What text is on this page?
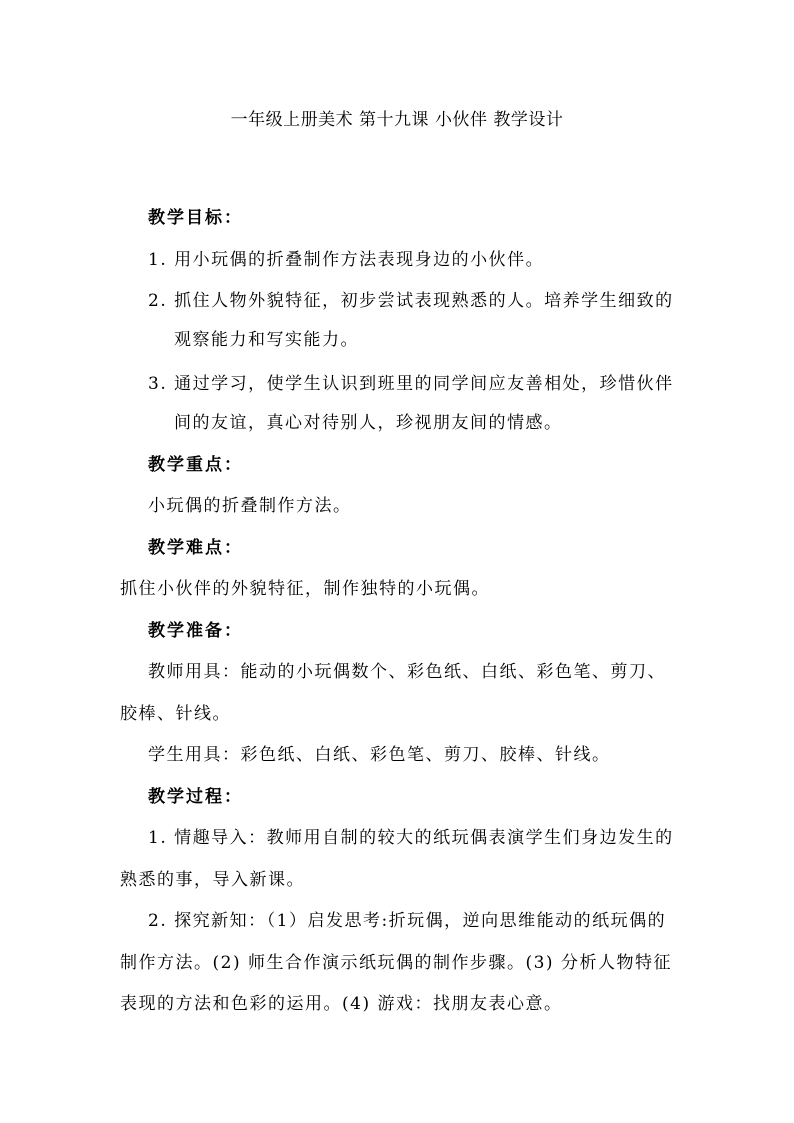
一年级上册美术 第十九课 小伙伴 教学设计
教学目标：
1. 用小玩偶的折叠制作方法表现身边的小伙伴。
2. 抓住人物外貌特征，初步尝试表现熟悉的人。培养学生细致的
观察能力和写实能力。
3. 通过学习，使学生认识到班里的同学间应友善相处，珍惜伙伴
间的友谊，真心对待别人，珍视朋友间的情感。
教学重点：
小玩偶的折叠制作方法。
教学难点：
抓住小伙伴的外貌特征，制作独特的小玩偶。
教学准备：
教师用具：能动的小玩偶数个、彩色纸、白纸、彩色笔、剪刀、
胶棒、针线。
学生用具：彩色纸、白纸、彩色笔、剪刀、胶棒、针线。
教学过程：
1. 情趣导入：教师用自制的较大的纸玩偶表演学生们身边发生的
熟悉的事，导入新课。
2. 探究新知：（1）启发思考:折玩偶，逆向思维能动的纸玩偶的
制作方法。(2) 师生合作演示纸玩偶的制作步骤。(3) 分析人物特征
表现的方法和色彩的运用。(4) 游戏：找朋友表心意。
